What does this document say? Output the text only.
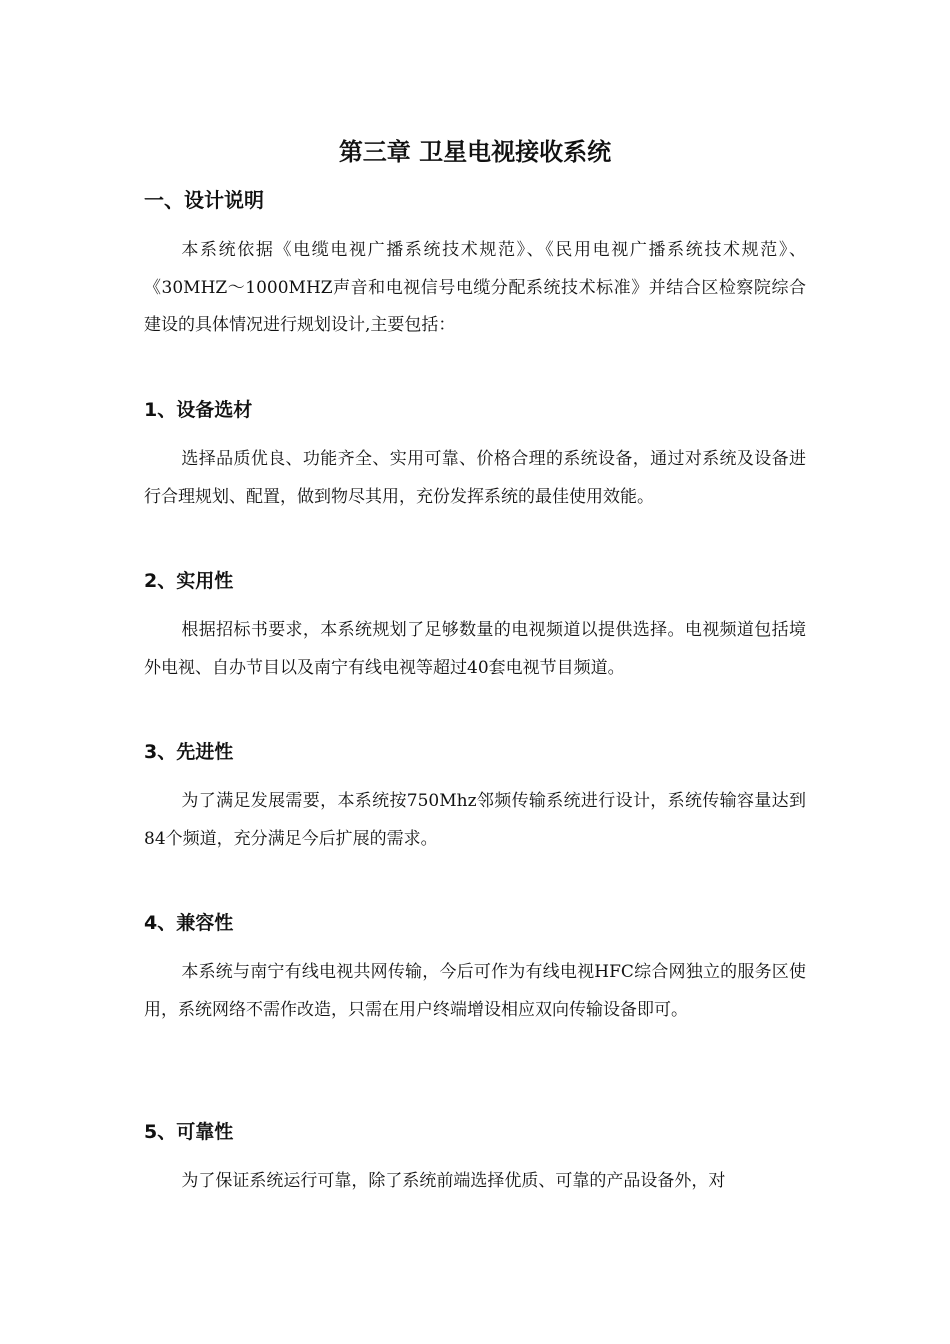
第三章 卫星电视接收系统
一、设计说明

本系统依据《电缆电视广播系统技术规范》、《民用电视广播系统技术规范》、《30MHZ～1000MHZ声音和电视信号电缆分配系统技术标准》并结合区检察院综合建设的具体情况进行规划设计,主要包括：

1、设备选材

选择品质优良、功能齐全、实用可靠、价格合理的系统设备，通过对系统及设备进行合理规划、配置，做到物尽其用，充份发挥系统的最佳使用效能。

2、实用性

根据招标书要求，本系统规划了足够数量的电视频道以提供选择。电视频道包括境外电视、自办节目以及南宁有线电视等超过40套电视节目频道。

3、先进性

为了满足发展需要，本系统按750Mhz邻频传输系统进行设计，系统传输容量达到84个频道，充分满足今后扩展的需求。

4、兼容性

本系统与南宁有线电视共网传输，今后可作为有线电视HFC综合网独立的服务区使用，系统网络不需作改造，只需在用户终端增设相应双向传输设备即可。

5、可靠性

为了保证系统运行可靠，除了系统前端选择优质、可靠的产品设备外，对
